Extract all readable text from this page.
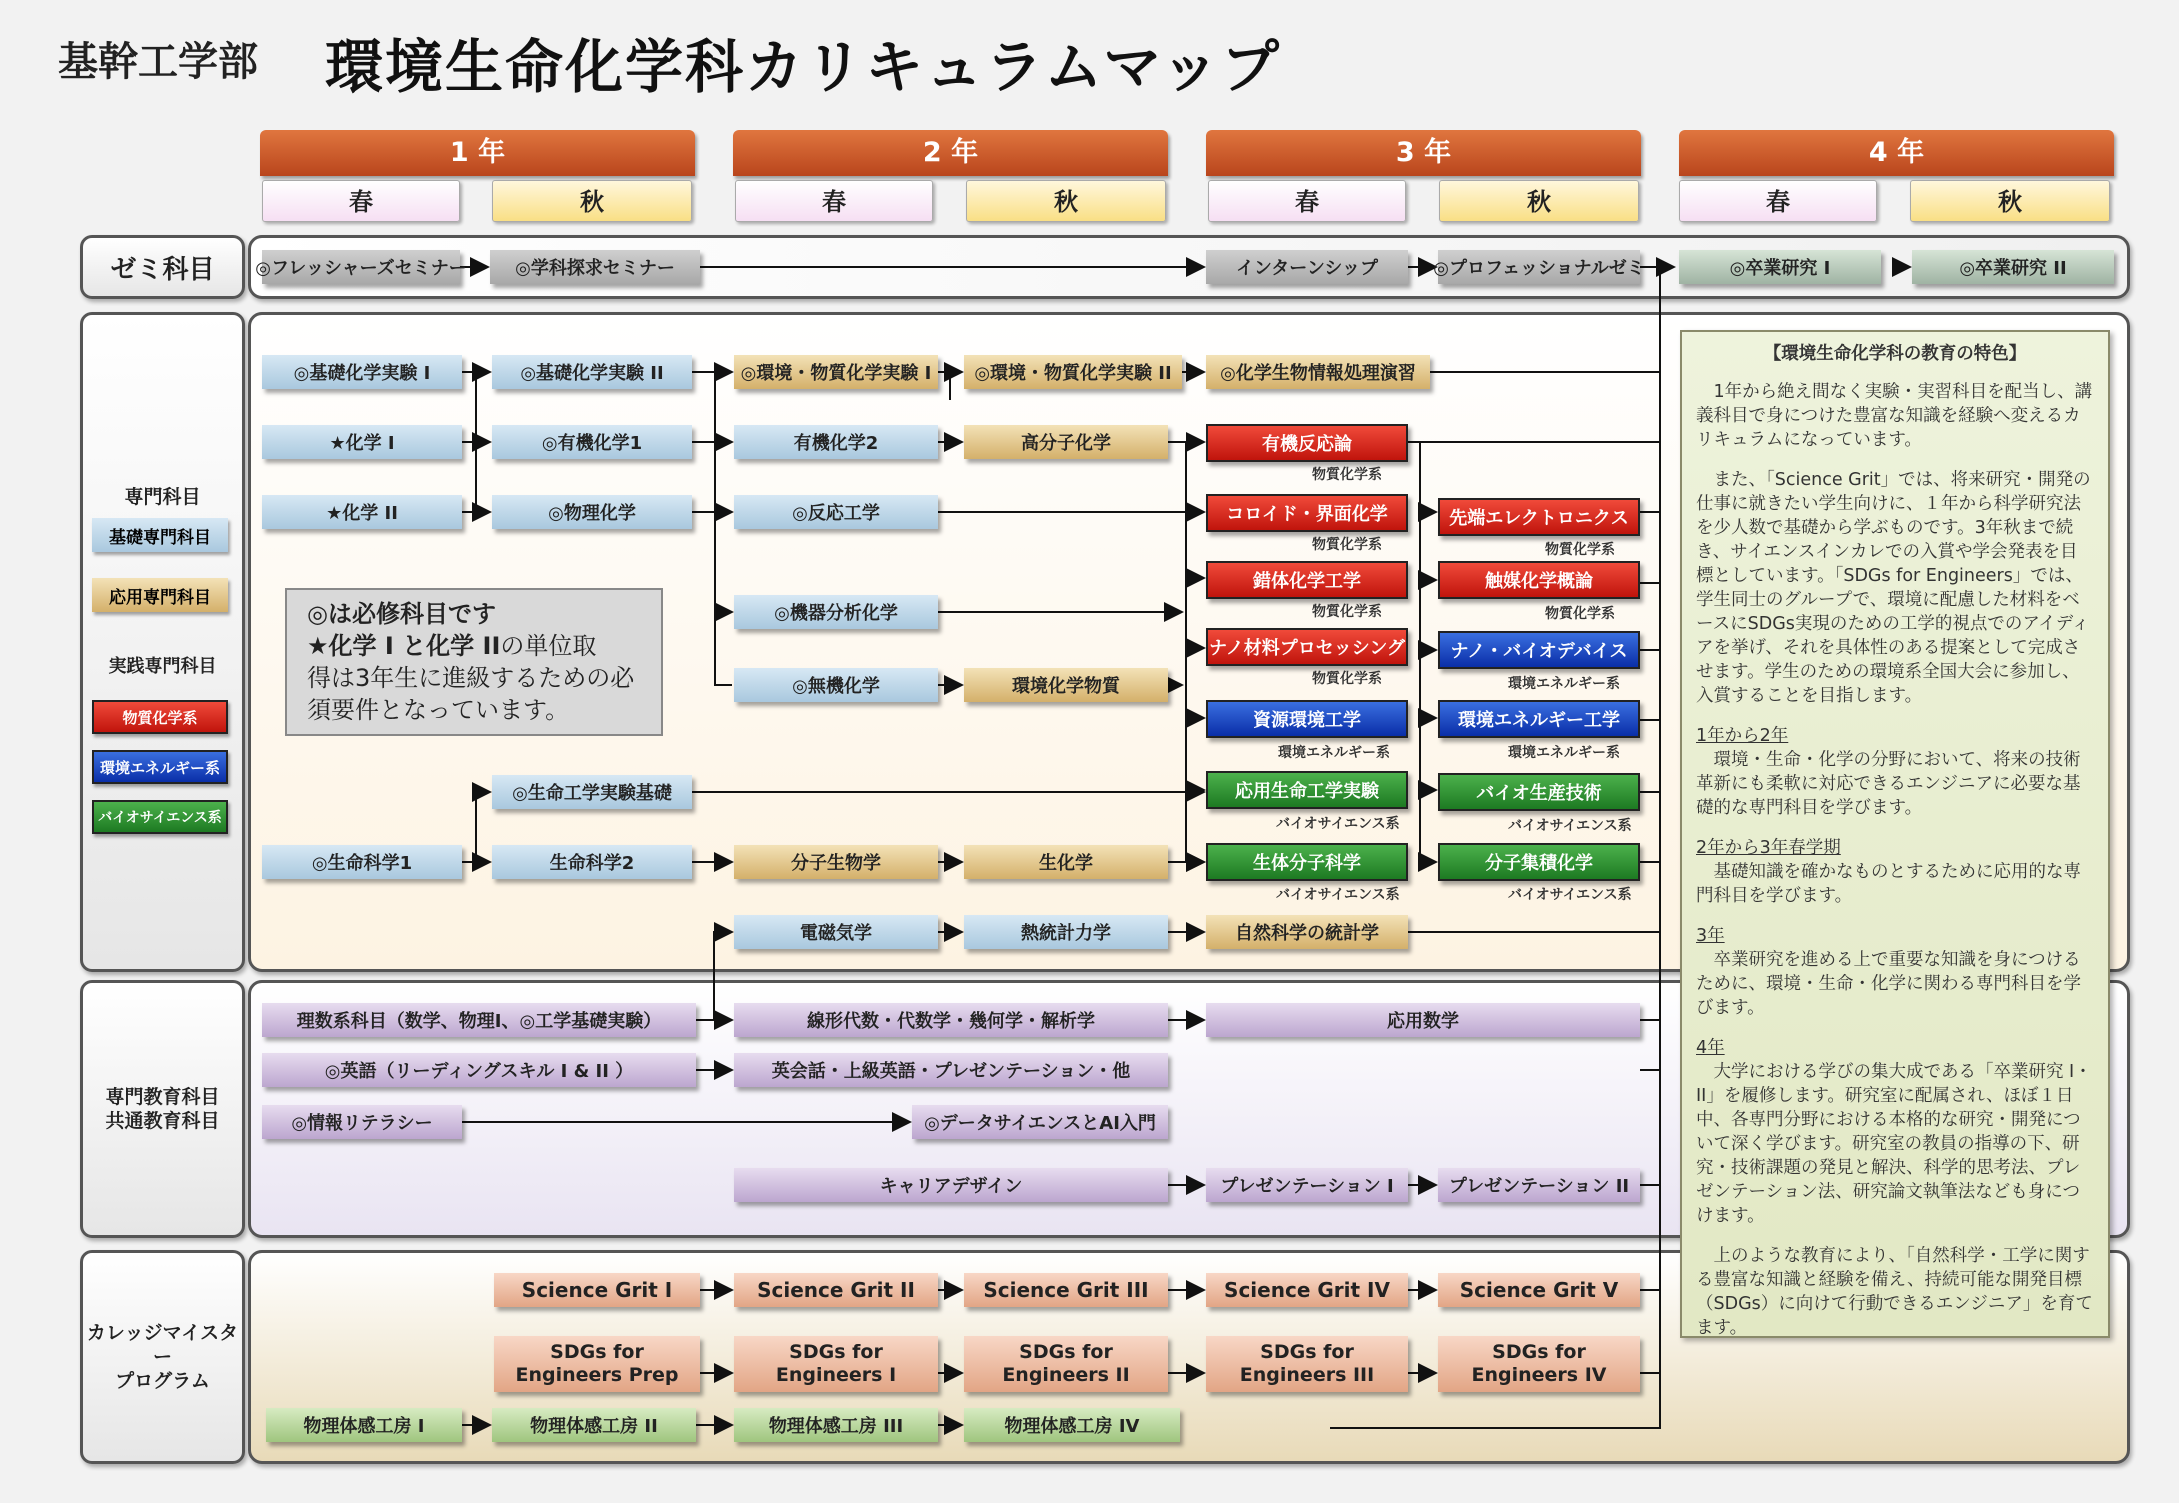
基幹工学部 環境生命化学科カリキュラムマップ
1 年	2 年	3 年	4 年
春	秋	春	秋	春	秋	春	秋
ゼミ科目
専門教育科目
共通教育科目
カレッジマイスター
プログラム
専門科目
基礎専門科目
応用専門科目
実践専門科目
物質化学系
環境エネルギー系
バイオサイエンス系
◎フレッシャーズセミナー	◎学科探求セミナー	インターンシップ	◎プロフェッショナルゼミ	◎卒業研究 I	◎卒業研究 II
◎基礎化学実験 I	◎基礎化学実験 II	◎環境・物質化学実験 I	◎環境・物質化学実験 II	◎化学生物情報処理演習
★化学 I	◎有機化学1	有機化学2	高分子化学	有機反応論
物質化学系
★化学 II	◎物理化学	◎反応工学	コロイド・界面化学
物質化学系
先端エレクトロニクス
物質化学系
錯体化学工学
物質化学系
触媒化学概論
物質化学系
◎機器分析化学
ナノ材料プロセッシング
物質化学系
ナノ・バイオデバイス
環境エネルギー系
◎無機化学	環境化学物質
資源環境工学
環境エネルギー系
環境エネルギー工学
環境エネルギー系
◎生命工学実験基礎	応用生命工学実験
バイオサイエンス系
バイオ生産技術
バイオサイエンス系
◎生命科学1	生命科学2	分子生物学	生化学	生体分子科学
バイオサイエンス系
分子集積化学
バイオサイエンス系
電磁気学	熱統計力学	自然科学の統計学
◎は必修科目です
★化学 I と化学 IIの単位取
得は3年生に進級するための必
須要件となっています。
理数系科目（数学、物理I、◎工学基礎実験）	線形代数・代数学・幾何学・解析学	応用数学
◎英語（リーディングスキル I & II ）	英会話・上級英語・プレゼンテーション・他
◎情報リテラシー	◎データサイエンスとAI入門
キャリアデザイン	プレゼンテーション I	プレゼンテーション II
Science Grit I	Science Grit II	Science Grit III	Science Grit IV	Science Grit V
SDGs for
Engineers Prep
SDGs for
Engineers I
SDGs for
Engineers II
SDGs for
Engineers III
SDGs for
Engineers IV
物理体感工房 I	物理体感工房 II	物理体感工房 III	物理体感工房 IV
【環境生命化学科の教育の特色】

1年から絶え間なく実験・実習科目を配当し、講義科目で身につけた豊富な知識を経験へ変えるカリキュラムになっています。

また、「Science Grit」では、将来研究・開発の仕事に就きたい学生向けに、１年から科学研究法を少人数で基礎から学ぶものです。3年秋まで続き、サイエンスインカレでの入賞や学会発表を目標としています。「SDGs for Engineers」では、学生同士のグループで、環境に配慮した材料をベースにSDGs実現のための工学的視点でのアイディアを挙げ、それを具体性のある提案として完成させます。学生のための環境系全国大会に参加し、入賞することを目指します。

1年から2年
環境・生命・化学の分野において、将来の技術革新にも柔軟に対応できるエンジニアに必要な基礎的な専門科目を学びます。
2年から3年春学期
基礎知識を確かなものとするために応用的な専門科目を学びます。
3年
卒業研究を進める上で重要な知識を身につけるために、環境・生命・化学に関わる専門科目を学びます。
4年
大学における学びの集大成である「卒業研究 I・II」を履修します。研究室に配属され、ほぼ１日中、各専門分野における本格的な研究・開発について深く学びます。研究室の教員の指導の下、研究・技術課題の発見と解決、科学的思考法、プレゼンテーション法、研究論文執筆法なども身につけます。

上のような教育により、「自然科学・工学に関する豊富な知識と経験を備え、持続可能な開発目標（SDGs）に向けて行動できるエンジニア」を育てます。
